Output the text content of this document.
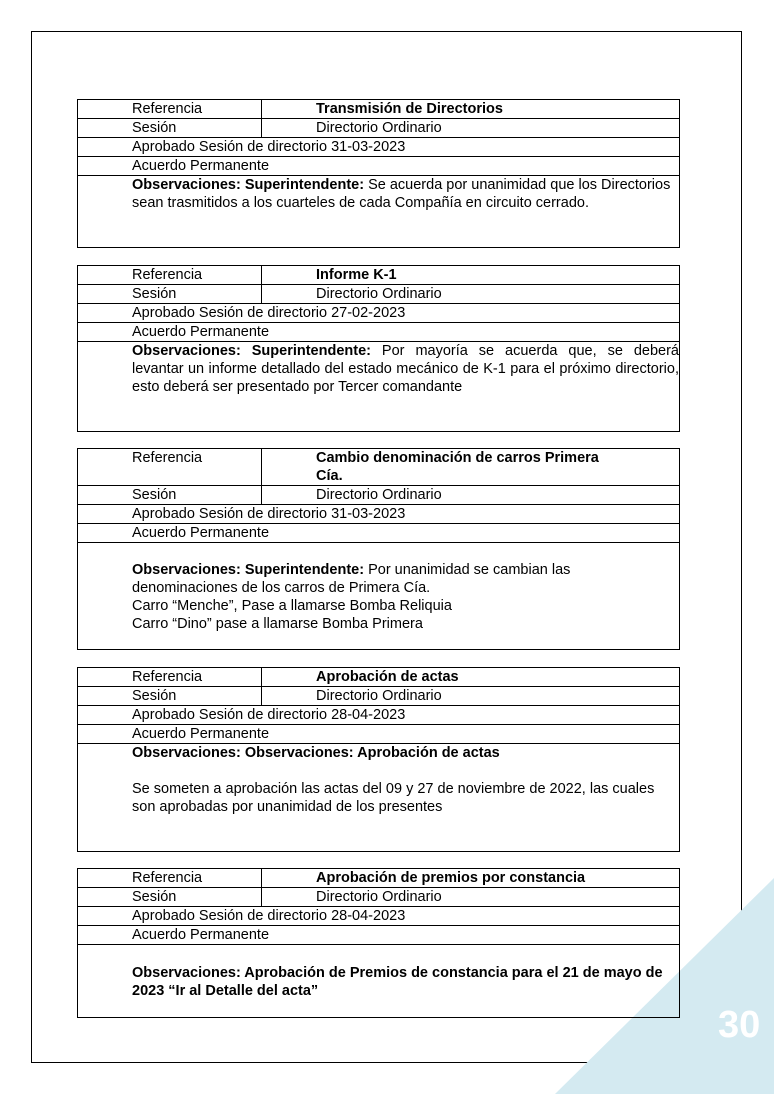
30
Referencia	Transmisión de Directorios
Sesión	Directorio Ordinario
Aprobado Sesión de directorio 31-03-2023	
Acuerdo Permanente	
Observaciones: Superintendente: Se acuerda por unanimidad que los Directorios sean trasmitidos a los cuarteles de cada Compañía en circuito cerrado.	
Referencia	Informe K-1
Sesión	Directorio Ordinario
Aprobado Sesión de directorio 27-02-2023	
Acuerdo Permanente	
Observaciones: Superintendente: Por mayoría se acuerda que, se deberá levantar un informe detallado del estado mecánico de K-1 para el próximo directorio, esto deberá ser presentado por Tercer comandante	
Referencia	Cambio denominación de carros Primera Cía.
Sesión	Directorio Ordinario
Aprobado Sesión de directorio 31-03-2023	
Acuerdo Permanente	

Observaciones: Superintendente: Por unanimidad se cambian las denominaciones de los carros de Primera Cía.
Carro “Menche”, Pase a llamarse Bomba Reliquia
Carro “Dino” pase a llamarse Bomba Primera	
Referencia	Aprobación de actas
Sesión	Directorio Ordinario
Aprobado Sesión de directorio 28-04-2023	
Acuerdo Permanente	

Observaciones: Observaciones: Aprobación de actas
Se someten a aprobación las actas del 09 y 27 de noviembre de 2022, las cuales son aprobadas por unanimidad de los presentes	
Referencia	Aprobación de premios por constancia
Sesión	Directorio Ordinario
Aprobado Sesión de directorio 28-04-2023	
Acuerdo Permanente	
Observaciones: Aprobación de Premios de constancia para el 21 de mayo de 2023 “Ir al Detalle del acta”	
